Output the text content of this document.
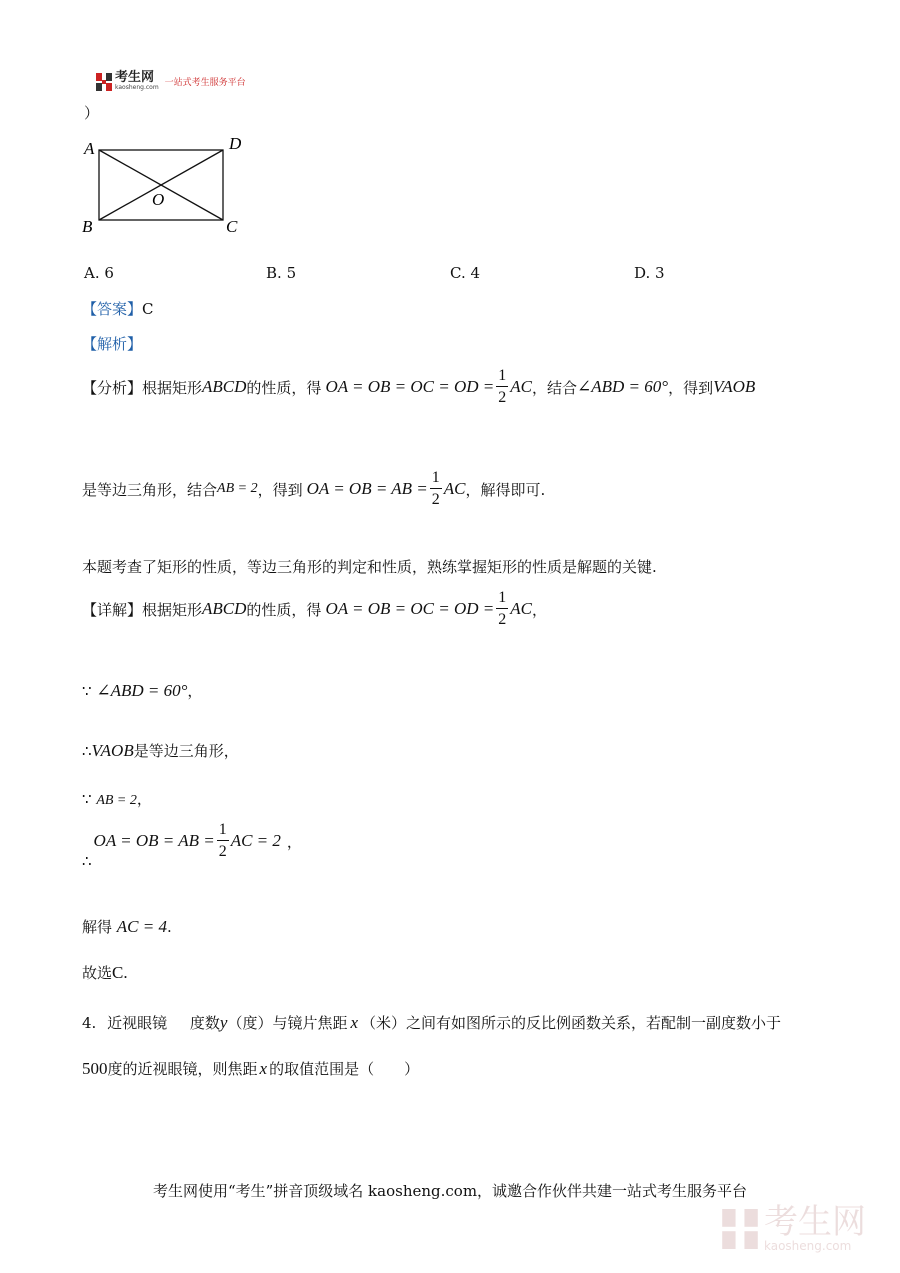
考生网
kaosheng.com 一站式考生服务平台
）
A	D
B	C
O
A. 6	B. 5	C. 4	D. 3
【答案】C
【解析】
【分析】 根据矩形 ABCD 的性质，得 OA = OB = OC = OD = $\frac{1}{2}$ AC ，结合 ∠ABD = 60° ，得到 VAOB
是等边三角形，结合 AB = 2 ，得到 OA = OB = AB = $\frac{1}{2}$ AC ，解得即可.
本题考查了矩形的性质，等边三角形的判定和性质，熟练掌握矩形的性质是解题的关键.
【详解】 根据矩形 ABCD 的性质，得 OA = OB = OC = OD = $\frac{1}{2}$ AC ，
∵ ∠ABD = 60°，
∴VAOB是等边三角形，
∵ AB = 2，
∴
OA = OB = AB = $\frac{1}{2}$ AC = 2 ，
解得 AC = 4.
故选C.
4. 近视眼镜 度数y（度）与镜片焦距 x （米）之间有如图所示的反比例函数关系，若配制一副度数小于
500度的近视眼镜，则焦距 x 的取值范围是（　　）
考生网使用“考生”拼音顶级域名 kaosheng.com，诚邀合作伙伴共建一站式考生服务平台
考生网
kaosheng.com
